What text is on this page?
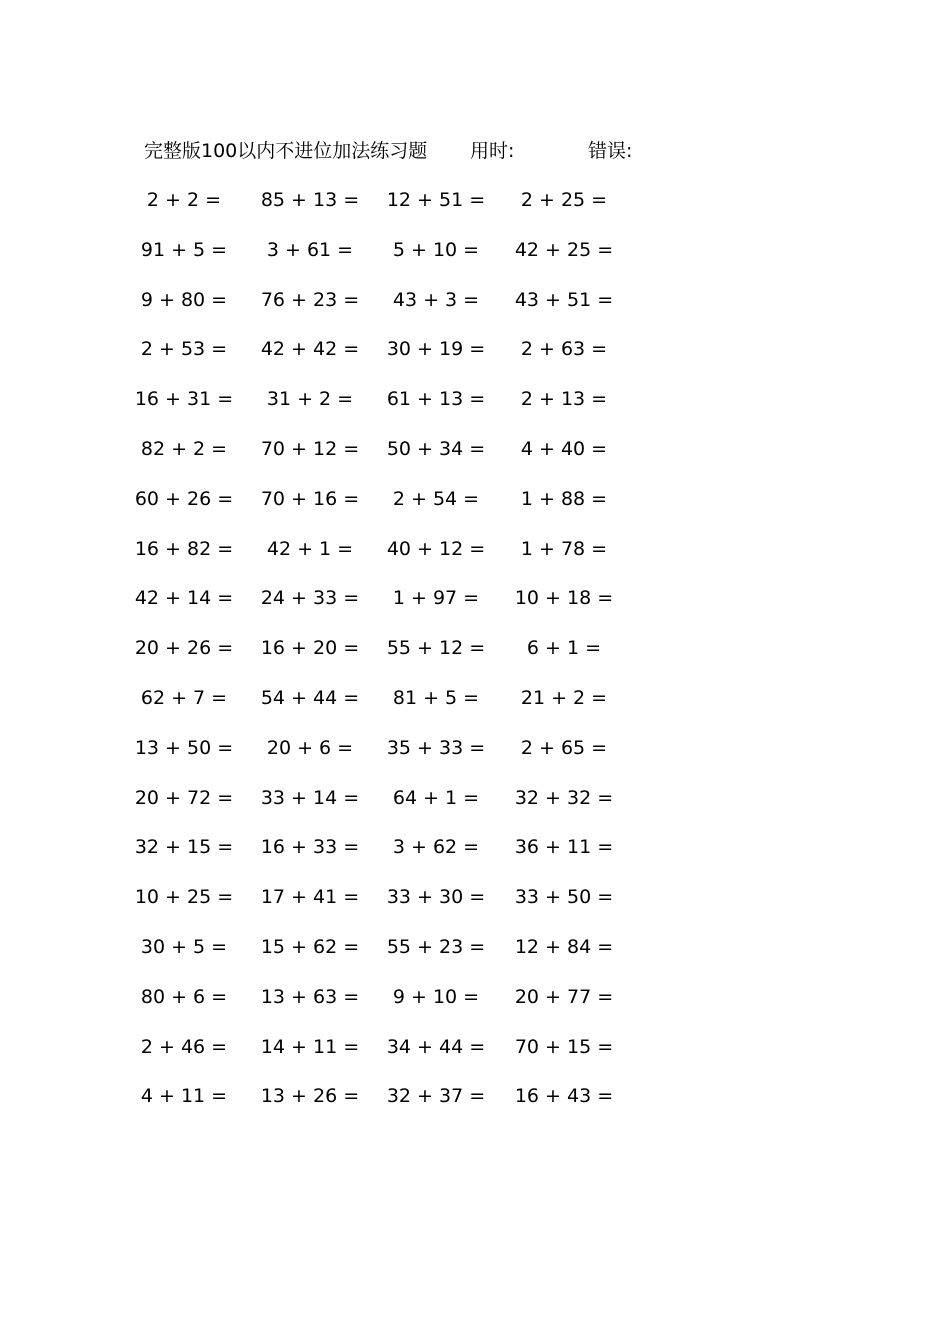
完整版100以内不进位加法练习题 用时:	错误:
2 + 2 =	85 + 13 = 12 + 51 =	2 + 25 =
91 + 5 =	3 + 61 =	5 + 10 =	42 + 25 =
9 + 80 =	76 + 23 =	43 + 3 =	43 + 51 =
2 + 53 =	42 + 42 = 30 + 19 =	2 + 63 =
16 + 31 =	31 + 2 =	61 + 13 =	2 + 13 =
82 + 2 =	70 + 12 = 50 + 34 =	4 + 40 =
60 + 26 = 70 + 16 =	2 + 54 =	1 + 88 =
16 + 82 =	42 + 1 =	40 + 12 =	1 + 78 =
42 + 14 = 24 + 33 =	1 + 97 =	10 + 18 =
20 + 26 = 16 + 20 = 55 + 12 =	6 + 1 =
62 + 7 =	54 + 44 =	81 + 5 =	21 + 2 =
13 + 50 =	20 + 6 =	35 + 33 =	2 + 65 =
20 + 72 = 33 + 14 =	64 + 1 =	32 + 32 =
32 + 15 = 16 + 33 =	3 + 62 =	36 + 11 =
10 + 25 = 17 + 41 = 33 + 30 = 33 + 50 =
30 + 5 =	15 + 62 = 55 + 23 = 12 + 84 =
80 + 6 =	13 + 63 =	9 + 10 =	20 + 77 =
2 + 46 =	14 + 11 = 34 + 44 = 70 + 15 =
4 + 11 =	13 + 26 = 32 + 37 = 16 + 43 =
